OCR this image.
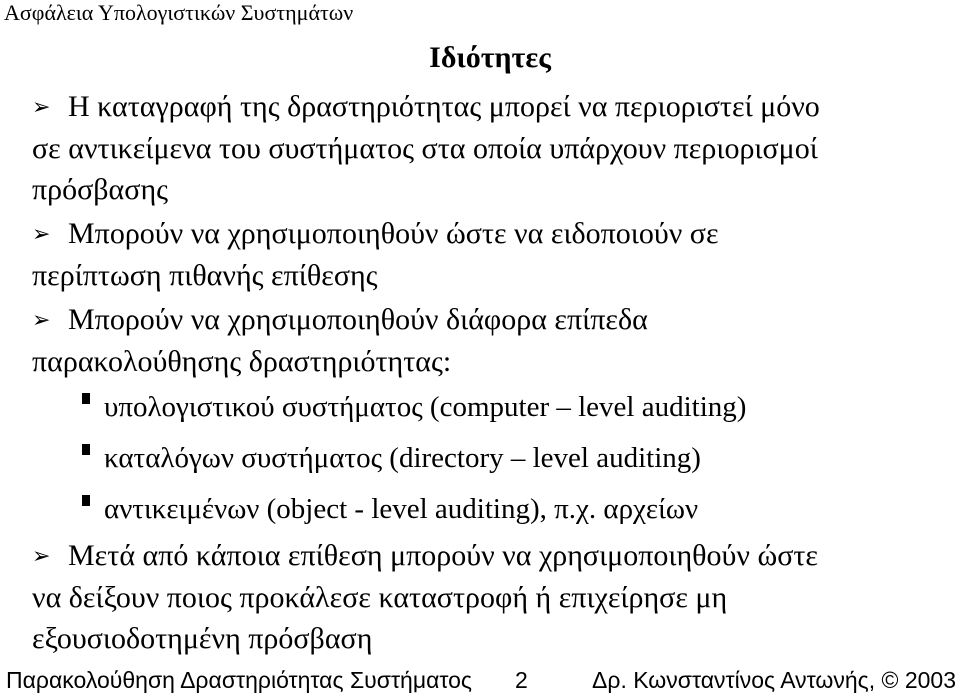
Ασφάλεια Υπολογιστικών Συστημάτων
Ιδιότητες
➢ Η καταγραφή της δραστηριότητας μπορεί να περιοριστεί μόνο
σε αντικείμενα του συστήματος στα οποία υπάρχουν περιορισμοί
πρόσβασης
➢ Μπορούν να χρησιμοποιηθούν ώστε να ειδοποιούν σε
περίπτωση πιθανής επίθεσης
➢ Μπορούν να χρησιμοποιηθούν διάφορα επίπεδα
παρακολούθησης δραστηριότητας:
υπολογιστικού συστήματος (computer – level auditing)
καταλόγων συστήματος (directory – level auditing)
αντικειμένων (object - level auditing), π.χ. αρχείων
➢ Μετά από κάποια επίθεση μπορούν να χρησιμοποιηθούν ώστε
να δείξουν ποιος προκάλεσε καταστροφή ή επιχείρησε μη
εξουσιοδοτημένη πρόσβαση
Παρακολούθηση Δραστηριότητας Συστήματος 2	Δρ. Κωνσταντίνος Αντωνής, © 2003
